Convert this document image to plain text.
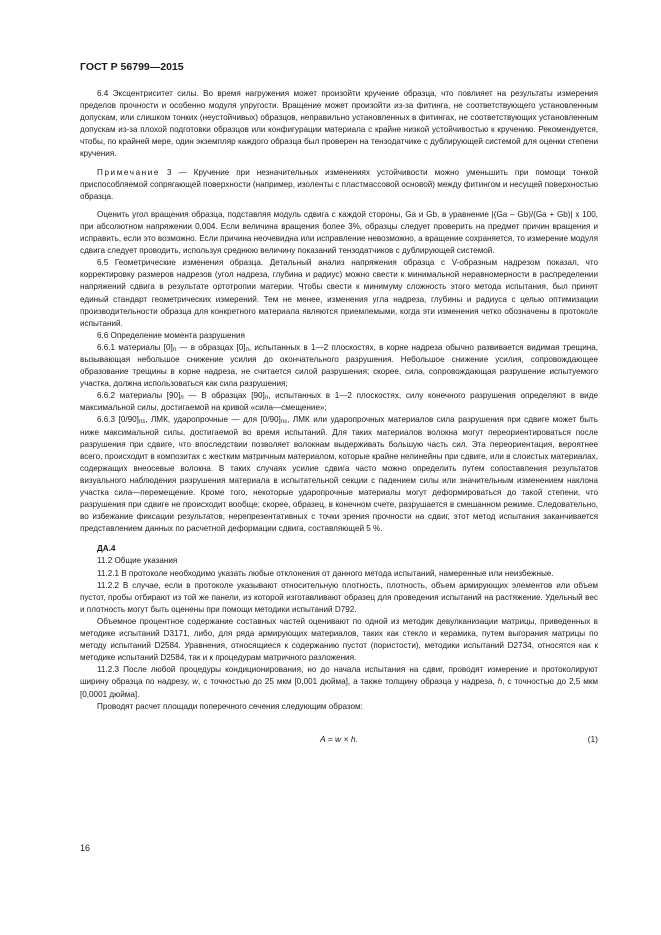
ГОСТ Р 56799—2015

6.4 Эксцентриситет силы. Во время нагружения может произойти кручение образца, что повлияет на результаты измерения пределов прочности и особенно модуля упругости. Вращение может произойти из-за фитинга, не соответствующего установленным допускам, или слишком тонких (неустойчивых) образцов, неправильно установленных в фитингах, не соответствующих установленным допускам из-за плохой подготовки образцов или конфигурации материала с крайне низкой устойчивостью к кручению. Рекомендуется, чтобы, по крайней мере, один экземпляр каждого образца был проверен на тензодатчике с дублирующей системой для оценки степени кручения.

Примечание 3 — Кручение при незначительных изменениях устойчивости можно уменьшить при помощи тонкой приспособляемой сопрягающей поверхности (например, изоленты с пластмассовой основой) между фитингом и несущей поверхностью образца.

Оценить угол вращения образца, подставляя модуль сдвига с каждой стороны, Ga и Gb, в уравнение |(Ga – Gb)/(Ga + Gb)| x 100, при абсолютном напряжении 0,004. Если величина вращения более 3%, образцы следует проверить на предмет причин вращения и исправить, если это возможно. Если причина неочевидна или исправление невозможно, а вращение сохраняется, то измерение модуля сдвига следует проводить, используя среднюю величину показаний тензодатчиков с дублирующей системой.

6.5 Геометрические изменения образца. Детальный анализ напряжения образца с V-образным надрезом показал, что корректировку размеров надрезов (угол надреза, глубина и радиус) можно свести к минимальной неравномерности в распределении напряжений сдвига в результате ортотропии материи. Чтобы свести к минимуму сложность этого метода испытания, был принят единый стандарт геометрических измерений. Тем не менее, изменения угла надреза, глубины и радиуса с целью оптимизации производительности образца для конкретного материала являются приемлемыми, когда эти изменения четко обозначены в протоколе испытаний.

6.6 Определение момента разрушения

6.6.1 материалы $[0]_n$ — в образцах $[0]_n$, испытанных в 1—2 плоскостях, в корне надреза обычно развивается видимая трещина, вызывающая небольшое снижение усилия до окончательного разрушения. Небольшое снижение усилия, сопровождающее образование трещины в корне надреза, не считается силой разрушения; скорее, сила, сопровождающая разрушение испытуемого участка, должна использоваться как сила разрушения;

6.6.2 материалы $[90]_n$ — В образцах $[90]_n$, испытанных в 1—2 плоскостях, силу конечного разрушения определяют в виде максимальной силы, достигаемой на кривой «сила—смещение»;

6.6.3 $[0/90]_{ns}$, ЛМК, ударопрочные — для $[0/90]_{ns}$, ЛМК или ударопрочных материалов сила разрушения при сдвиге может быть ниже максимальной силы, достигаемой во время испытаний. Для таких материалов волокна могут переориентироваться после разрушения при сдвиге, что впоследствии позволяет волокнам выдерживать большую часть сил. Эта переориентация, вероятнее всего, происходит в композитах с жестким матричным материалом, которые крайне нелинейны при сдвиге, или в слоистых материалах, содержащих внеосевые волокна. В таких случаях усилие сдвига часто можно определить путем сопоставления результатов визуального наблюдения разрушения материала в испытательной секции с падением силы или значительным изменением наклона участка сила—перемещение. Кроме того, некоторые ударопрочные материалы могут деформироваться до такой степени, что разрушения при сдвиге не происходит вообще; скорее, образец, в конечном счете, разрушается в смешанном режиме. Следовательно, во избежание фиксации результатов, нерепрезентативных с точки зрения прочности на сдвиг, этот метод испытания заканчивается представлением данных по расчетной деформации сдвига, составляющей 5 %.

ДА.4

11.2 Общие указания

11.2.1 В протоколе необходимо указать любые отклонения от данного метода испытаний, намеренные или неизбежные.

11.2.2 В случае, если в протоколе указывают относительную плотность, плотность, объем армирующих элементов или объем пустот, пробы отбирают из той же панели, из которой изготавливают образец для проведения испытаний на растяжение. Удельный вес и плотность могут быть оценены при помощи методики испытаний D792.

Объемное процентное содержание составных частей оценивают по одной из методик девулканизации матрицы, приведенных в методике испытаний D3171, либо, для ряда армирующих материалов, таких как стекло и керамика, путем выгорания матрицы по методу испытаний D2584. Уравнения, относящиеся к содержанию пустот (пористости), методики испытаний D2734, относятся как к методике испытаний D2584, так и к процедурам матричного разложения.

11.2.3 После любой процедуры кондиционирования, но до начала испытания на сдвиг, проводят измерение и протоколируют ширину образца по надрезу, w, с точностью до 25 мкм [0,001 дюйма], а также толщину образца у надреза, h, с точностью до 2,5 мкм [0,0001 дюйма].

Проводят расчет площади поперечного сечения следующим образом:

A = w × h.	(1)
16
